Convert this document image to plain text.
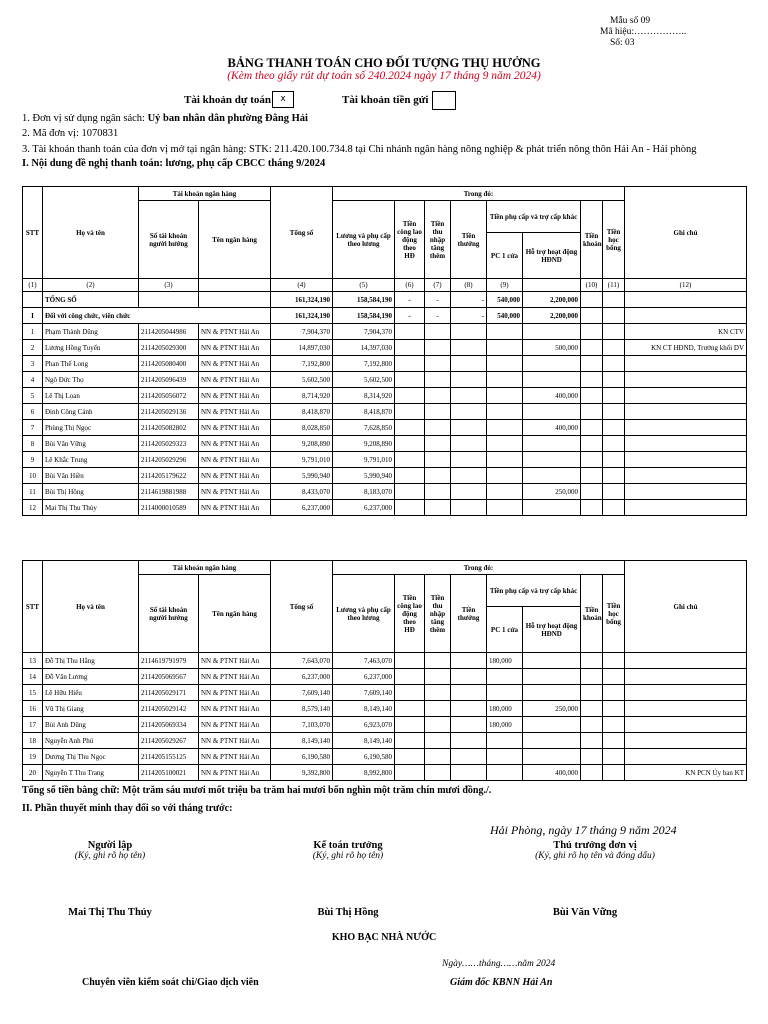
Mẫu số 09
Mã hiệu:……………..
Số: 03
BẢNG THANH TOÁN CHO ĐỐI TƯỢNG THỤ HƯỞNG
(Kèm theo giấy rút dự toán số 240.2024 ngày 17 tháng 9 năm 2024)
Tài khoản dự toán	x	Tài khoản tiền gửi
1. Đơn vị sử dụng ngân sách: Uỷ ban nhân dân phường Đằng Hải
2. Mã đơn vị: 1070831
3. Tài khoản thanh toán của đơn vị mở tại ngân hàng: STK: 211.420.100.734.8 tại Chi nhánh ngân hàng nông nghiệp & phát triển nông thôn Hải An - Hải phòng
I. Nội dung đề nghị thanh toán: lương, phụ cấp CBCC tháng 9/2024
STT	Họ và tên	Tài khoản ngân hàng		Tổng số	Trong đó:								Ghi chú
		Số tài khoản người hưởng	Tên ngân hàng		Lương và phụ cấp theo lương	Tiền công lao động theo HĐ	Tiền thu nhập tăng thêm	Tiền thưởng	Tiền phụ cấp và trợ cấp khác		Tiền khoán	Tiền học bổng	
									PC 1 cửa	Hỗ trợ hoạt động HĐND			

(1)	(2)	(3)		(4)	(5)	(6)	(7)	(8)	(9)		(10)	(11)	(12)
	TỔNG SỐ			161,324,190	158,584,190	-	-	-	540,000	2,200,000			
I	Đối với công chức, viên chức			161,324,190	158,584,190	-	-	-	540,000	2,200,000			
1	Phạm Thành Dũng	2114205044986	NN & PTNT Hải An	7,904,370	7,904,370								KN CTV
2	Lương Hồng Tuyến	2114205029300	NN & PTNT Hải An	14,897,030	14,397,030					500,000			KN CT HĐND, Trưởng khối DV
3	Phan Thế Long	2114205080400	NN & PTNT Hải An	7,192,800	7,192,800								
4	Ngô Đức Thọ	2114205096439	NN & PTNT Hải An	5,602,500	5,602,500								
5	Lê Thị Loan	2114205056072	NN & PTNT Hải An	8,714,920	8,314,920					400,000			
6	Đinh Công Cảnh	2114205029136	NN & PTNT Hải An	8,418,870	8,418,870								
7	Phùng Thị Ngọc	2114205082802	NN & PTNT Hải An	8,028,850	7,628,850					400,000			
8	Bùi Văn Vững	2114205029323	NN & PTNT Hải An	9,208,890	9,208,890								
9	Lê Khắc Trung	2114205029296	NN & PTNT Hải An	9,791,010	9,791,010								
10	Bùi Văn Hiền	2114205179622	NN & PTNT Hải An	5,990,940	5,990,940								
11	Bùi Thị Hồng	2114619881988	NN & PTNT Hải An	8,433,070	8,183,070					250,000			
12	Mai Thị Thu Thủy	2114000010589	NN & PTNT Hải An	6,237,000	6,237,000								
STT	Họ và tên	Tài khoản ngân hàng		Tổng số	Trong đó:								Ghi chú
		Số tài khoản người hưởng	Tên ngân hàng		Lương và phụ cấp theo lương	Tiền công lao động theo HĐ	Tiền thu nhập tăng thêm	Tiền thưởng	Tiền phụ cấp và trợ cấp khác		Tiền khoán	Tiền học bổng	
									PC 1 cửa	Hỗ trợ hoạt động HĐND			

13	Đỗ Thị Thu Hằng	2114619791979	NN & PTNT Hải An	7,643,070	7,463,070				180,000				
14	Đỗ Văn Lương	2114205069567	NN & PTNT Hải An	6,237,000	6,237,000								
15	Lê Hữu Hiếu	2114205029171	NN & PTNT Hải An	7,609,140	7,609,140								
16	Vũ Thị Giang	2114205029142	NN & PTNT Hải An	8,579,140	8,149,140				180,000	250,000			
17	Bùi Anh Dũng	2114205069334	NN & PTNT Hải An	7,103,070	6,923,070				180,000				
18	Nguyễn Anh Phú	2114205029267	NN & PTNT Hải An	8,149,140	8,149,140								
19	Dương Thị Thu Ngọc	2114205155125	NN & PTNT Hải An	6,190,580	6,190,580								
20	Nguyễn T Thu Trang	2114205100021	NN & PTNT Hải An	9,392,800	8,992,800					400,000			KN PCN Ủy ban KT
Tổng số tiền bằng chữ: Một trăm sáu mươi mốt triệu ba trăm hai mươi bốn nghìn một trăm chín mươi đồng./.
II. Phần thuyết minh thay đổi so với tháng trước:
Hải Phòng, ngày 17 tháng 9 năm 2024
Người lập
(Ký, ghi rõ họ tên)
Kế toán trưởng
(Ký, ghi rõ họ tên)
Thủ trưởng đơn vị
(Ký, ghi rõ họ tên và đóng dấu)
Mai Thị Thu Thủy	Bùi Thị Hồng	Bùi Văn Vững
KHO BẠC NHÀ NƯỚC
Ngày……tháng……năm 2024
Chuyên viên kiểm soát chi/Giao dịch viên	Giám đốc KBNN Hải An
